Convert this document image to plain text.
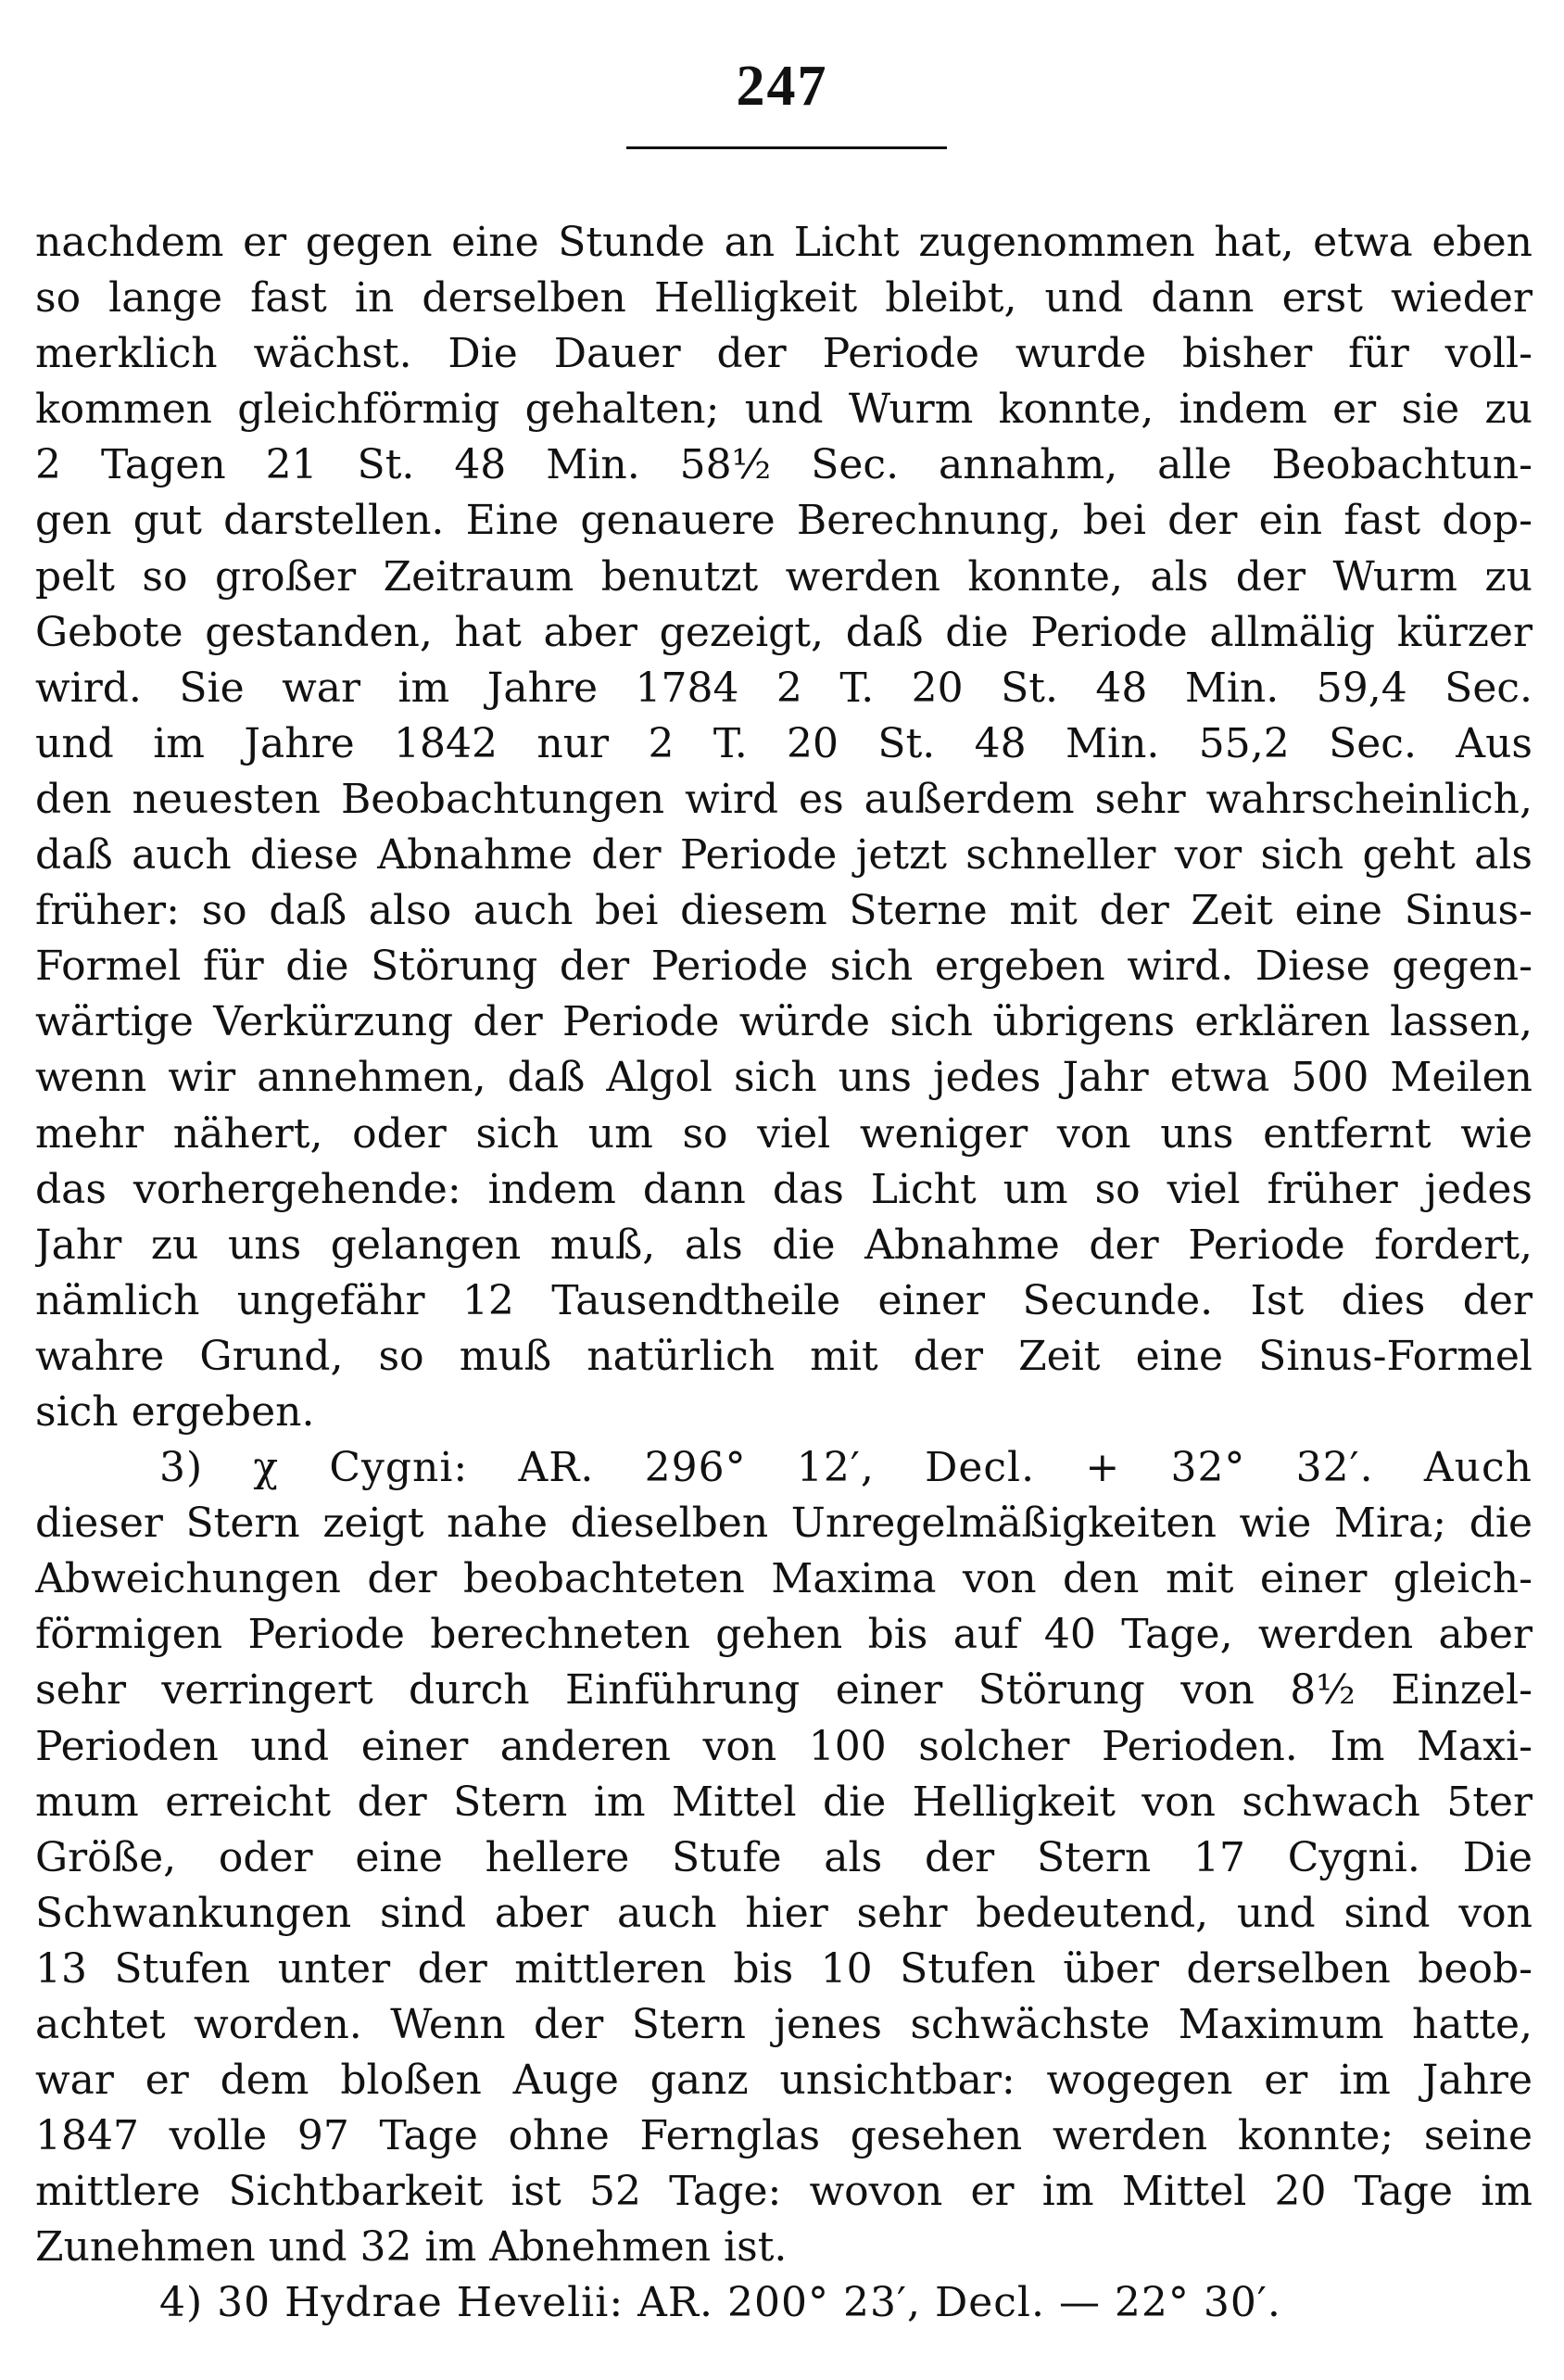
247
nachdem er gegen eine Stunde an Licht zugenommen hat, etwa eben
so lange fast in derselben Helligkeit bleibt, und dann erst wieder
merklich wächst. Die Dauer der Periode wurde bisher für voll-
kommen gleichförmig gehalten; und Wurm konnte, indem er sie zu
2 Tagen 21 St. 48 Min. 58½ Sec. annahm, alle Beobachtun-
gen gut darstellen. Eine genauere Berechnung, bei der ein fast dop-
pelt so großer Zeitraum benutzt werden konnte, als der Wurm zu
Gebote gestanden, hat aber gezeigt, daß die Periode allmälig kürzer
wird. Sie war im Jahre 1784 2 T. 20 St. 48 Min. 59,4 Sec.
und im Jahre 1842 nur 2 T. 20 St. 48 Min. 55,2 Sec. Aus
den neuesten Beobachtungen wird es außerdem sehr wahrscheinlich,
daß auch diese Abnahme der Periode jetzt schneller vor sich geht als
früher: so daß also auch bei diesem Sterne mit der Zeit eine Sinus-
Formel für die Störung der Periode sich ergeben wird. Diese gegen-
wärtige Verkürzung der Periode würde sich übrigens erklären lassen,
wenn wir annehmen, daß Algol sich uns jedes Jahr etwa 500 Meilen
mehr nähert, oder sich um so viel weniger von uns entfernt wie
das vorhergehende: indem dann das Licht um so viel früher jedes
Jahr zu uns gelangen muß, als die Abnahme der Periode fordert,
nämlich ungefähr 12 Tausendtheile einer Secunde. Ist dies der
wahre Grund, so muß natürlich mit der Zeit eine Sinus-Formel
sich ergeben.
3) χ Cygni: AR. 296° 12′, Decl. + 32° 32′. Auch
dieser Stern zeigt nahe dieselben Unregelmäßigkeiten wie Mira; die
Abweichungen der beobachteten Maxima von den mit einer gleich-
förmigen Periode berechneten gehen bis auf 40 Tage, werden aber
sehr verringert durch Einführung einer Störung von 8½ Einzel-
Perioden und einer anderen von 100 solcher Perioden. Im Maxi-
mum erreicht der Stern im Mittel die Helligkeit von schwach 5ter
Größe, oder eine hellere Stufe als der Stern 17 Cygni. Die
Schwankungen sind aber auch hier sehr bedeutend, und sind von
13 Stufen unter der mittleren bis 10 Stufen über derselben beob-
achtet worden. Wenn der Stern jenes schwächste Maximum hatte,
war er dem bloßen Auge ganz unsichtbar: wogegen er im Jahre
1847 volle 97 Tage ohne Fernglas gesehen werden konnte; seine
mittlere Sichtbarkeit ist 52 Tage: wovon er im Mittel 20 Tage im
Zunehmen und 32 im Abnehmen ist.
4) 30 Hydrae Hevelii: AR. 200° 23′, Decl. — 22° 30′.
